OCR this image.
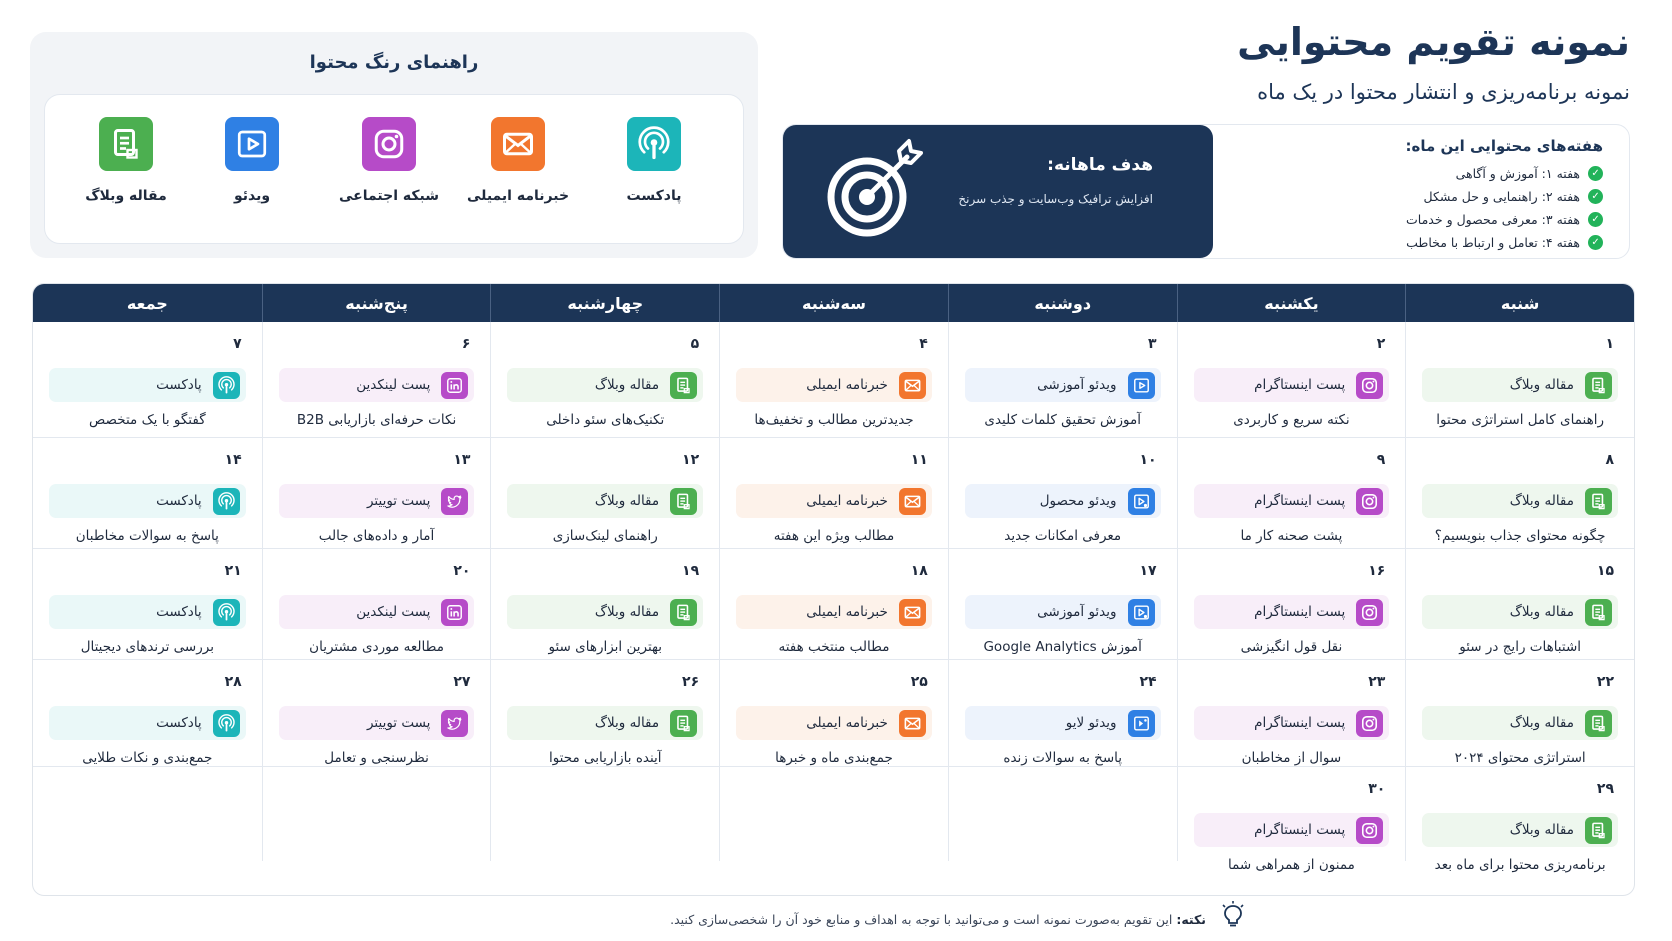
نمونه تقویم محتوایی
نمونه برنامه‌ریزی و انتشار محتوا در یک ماه
راهنمای رنگ محتوا
پادکست
خبرنامه ایمیلی
شبکه اجتماعی
ویدئو
مقاله وبلاگ
هفته‌های محتوایی این ماه:
✓
هفته ۱: آموزش و آگاهی
✓
هفته ۲: راهنمایی و حل مشکل
✓
هفته ۳: معرفی محصول و خدمات
✓
هفته ۴: تعامل و ارتباط با مخاطب
هدف ماهانه:
افزایش ترافیک وب‌سایت و جذب سرنخ
شنبه
یکشنبه
دوشنبه
سه‌شنبه
چهارشنبه
پنج‌شنبه
جمعه
۱
مقاله وبلاگ
راهنمای کامل استراتژی محتوا
۲
پست اینستاگرام
نکته سریع و کاربردی
۳
ویدئو آموزشی
آموزش تحقیق کلمات کلیدی
۴
خبرنامه ایمیلی
جدیدترین مطالب و تخفیف‌ها
۵
مقاله وبلاگ
تکنیک‌های سئو داخلی
۶
پست لینکدین
نکات حرفه‌ای بازاریابی B2B
۷
پادکست
گفتگو با یک متخصص
۸
مقاله وبلاگ
چگونه محتوای جذاب بنویسیم؟
۹
پست اینستاگرام
پشت صحنه کار ما
۱۰
ویدئو محصول
معرفی امکانات جدید
۱۱
خبرنامه ایمیلی
مطالب ویژه این هفته
۱۲
مقاله وبلاگ
راهنمای لینک‌سازی
۱۳
پست توییتر
آمار و داده‌های جالب
۱۴
پادکست
پاسخ به سوالات مخاطبان
۱۵
مقاله وبلاگ
اشتباهات رایج در سئو
۱۶
پست اینستاگرام
نقل قول انگیزشی
۱۷
ویدئو آموزشی
آموزش Google Analytics
۱۸
خبرنامه ایمیلی
مطالب منتخب هفته
۱۹
مقاله وبلاگ
بهترین ابزارهای سئو
۲۰
پست لینکدین
مطالعه موردی مشتریان
۲۱
پادکست
بررسی ترندهای دیجیتال
۲۲
مقاله وبلاگ
استراتژی محتوای ۲۰۲۴
۲۳
پست اینستاگرام
سوال از مخاطبان
۲۴
ویدئو لایو
پاسخ به سوالات زنده
۲۵
خبرنامه ایمیلی
جمع‌بندی ماه و خبرها
۲۶
مقاله وبلاگ
آینده بازاریابی محتوا
۲۷
پست توییتر
نظرسنجی و تعامل
۲۸
پادکست
جمع‌بندی و نکات طلایی
۲۹
مقاله وبلاگ
برنامه‌ریزی محتوا برای ماه بعد
۳۰
پست اینستاگرام
ممنون از همراهی شما
نکته: این تقویم به‌صورت نمونه است و می‌توانید با توجه به اهداف و منابع خود آن را شخصی‌سازی کنید.
